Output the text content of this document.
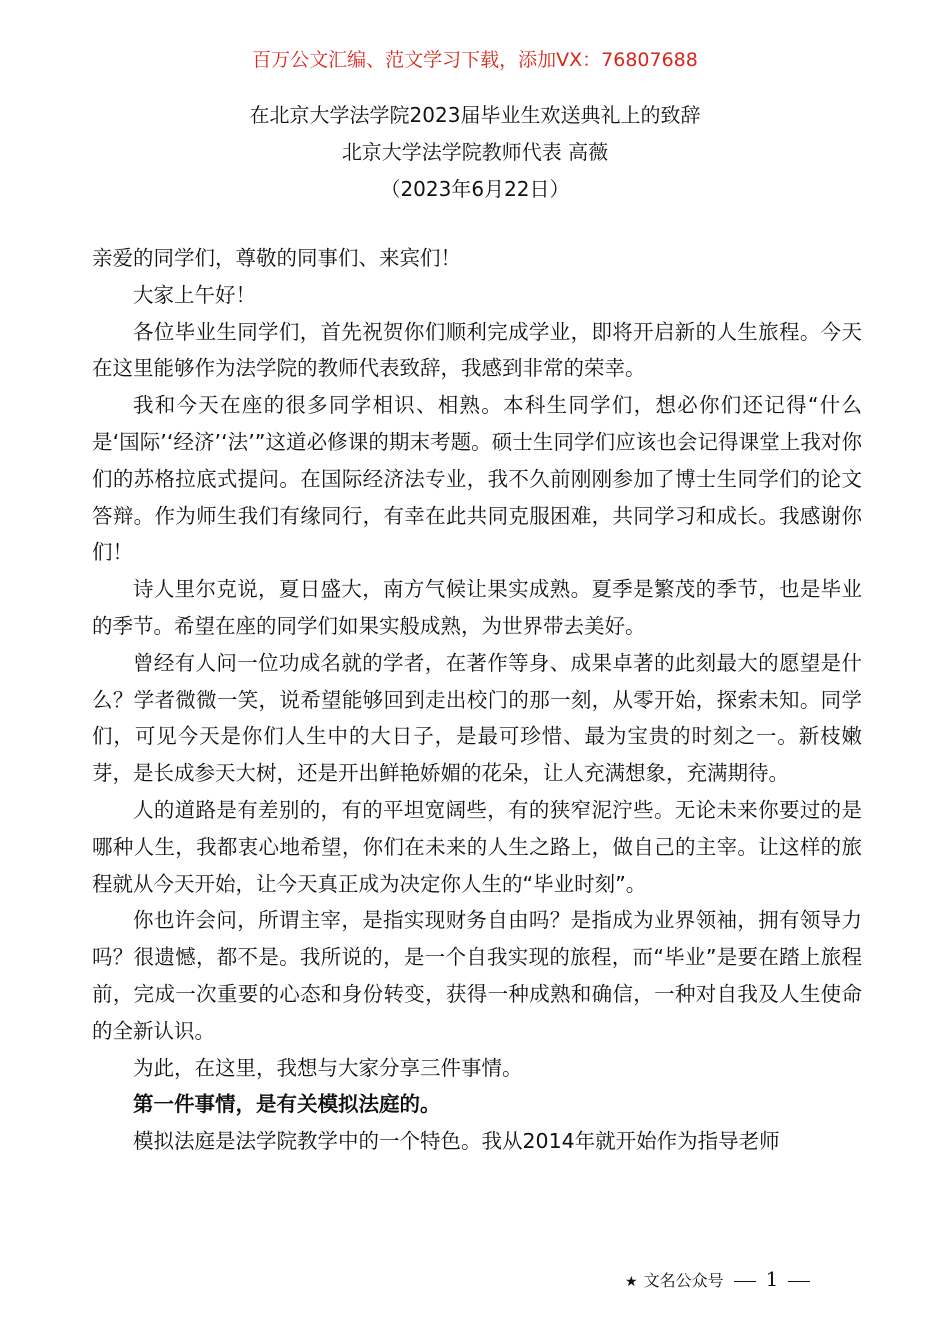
百万公文汇编、范文学习下载，添加VX：76807688
在北京大学法学院2023届毕业生欢送典礼上的致辞
北京大学法学院教师代表 高薇
（2023年6月22日）

亲爱的同学们，尊敬的同事们、来宾们！

大家上午好！

各位毕业生同学们，首先祝贺你们顺利完成学业，即将开启新的人生旅程。今天在这里能够作为法学院的教师代表致辞，我感到非常的荣幸。

我和今天在座的很多同学相识、相熟。本科生同学们，想必你们还记得“什么是‘国际’‘经济’‘法’”这道必修课的期末考题。硕士生同学们应该也会记得课堂上我对你们的苏格拉底式提问。在国际经济法专业，我不久前刚刚参加了博士生同学们的论文答辩。作为师生我们有缘同行，有幸在此共同克服困难，共同学习和成长。我感谢你们！

诗人里尔克说，夏日盛大，南方气候让果实成熟。夏季是繁茂的季节，也是毕业的季节。希望在座的同学们如果实般成熟，为世界带去美好。

曾经有人问一位功成名就的学者，在著作等身、成果卓著的此刻最大的愿望是什么？学者微微一笑，说希望能够回到走出校门的那一刻，从零开始，探索未知。同学们，可见今天是你们人生中的大日子，是最可珍惜、最为宝贵的时刻之一。新枝嫩芽，是长成参天大树，还是开出鲜艳娇媚的花朵，让人充满想象，充满期待。

人的道路是有差别的，有的平坦宽阔些，有的狭窄泥泞些。无论未来你要过的是哪种人生，我都衷心地希望，你们在未来的人生之路上，做自己的主宰。让这样的旅程就从今天开始，让今天真正成为决定你人生的“毕业时刻”。

你也许会问，所谓主宰，是指实现财务自由吗？是指成为业界领袖，拥有领导力吗？很遗憾，都不是。我所说的，是一个自我实现的旅程，而“毕业”是要在踏上旅程前，完成一次重要的心态和身份转变，获得一种成熟和确信，一种对自我及人生使命的全新认识。

为此，在这里，我想与大家分享三件事情。

第一件事情，是有关模拟法庭的。

模拟法庭是法学院教学中的一个特色。我从2014年就开始作为指导老师

★ 文名公众号 1
